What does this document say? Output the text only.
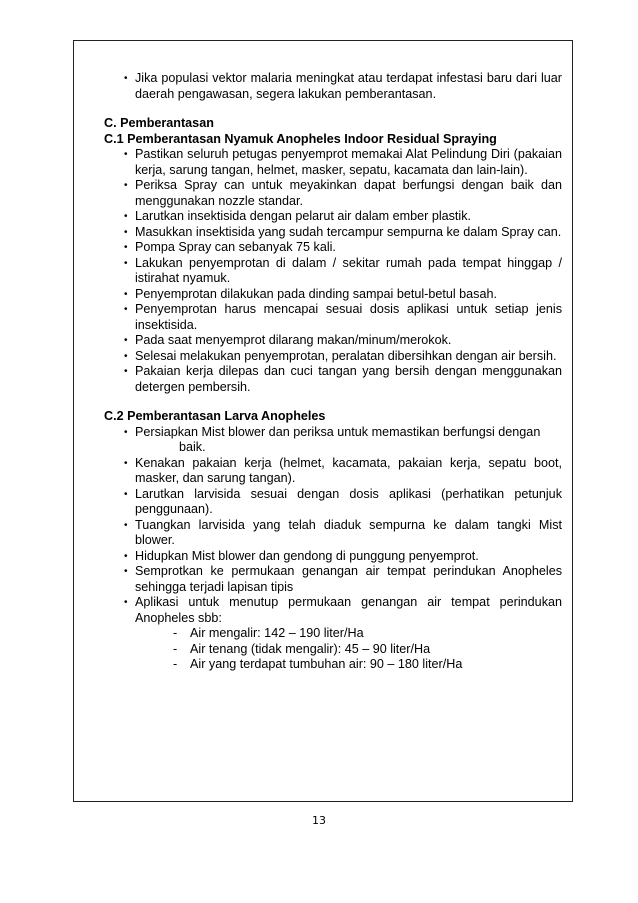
• Jika populasi vektor malaria meningkat atau terdapat infestasi baru dari luar daerah pengawasan, segera lakukan pemberantasan.
C. Pemberantasan
C.1 Pemberantasan Nyamuk Anopheles Indoor Residual Spraying
• Pastikan seluruh petugas penyemprot memakai Alat Pelindung Diri (pakaian kerja, sarung tangan, helmet, masker, sepatu, kacamata dan lain-lain).
• Periksa Spray can untuk meyakinkan dapat berfungsi dengan baik dan menggunakan nozzle standar.
• Larutkan insektisida dengan pelarut air dalam ember plastik.
• Masukkan insektisida yang sudah tercampur sempurna ke dalam Spray can.
• Pompa Spray can sebanyak 75 kali.
• Lakukan penyemprotan di dalam / sekitar rumah pada tempat hinggap / istirahat nyamuk.
• Penyemprotan dilakukan pada dinding sampai betul-betul basah.
• Penyemprotan harus mencapai sesuai dosis aplikasi untuk setiap jenis insektisida.
• Pada saat menyemprot dilarang makan/minum/merokok.
• Selesai melakukan penyemprotan, peralatan dibersihkan dengan air bersih.
• Pakaian kerja dilepas dan cuci tangan yang bersih dengan menggunakan detergen pembersih.
C.2 Pemberantasan Larva Anopheles
• Persiapkan Mist blower dan periksa untuk memastikan berfungsi dengan
baik.
• Kenakan pakaian kerja (helmet, kacamata, pakaian kerja, sepatu boot, masker, dan sarung tangan).
• Larutkan larvisida sesuai dengan dosis aplikasi (perhatikan petunjuk penggunaan).
• Tuangkan larvisida yang telah diaduk sempurna ke dalam tangki Mist blower.
• Hidupkan Mist blower dan gendong di punggung penyemprot.
• Semprotkan ke permukaan genangan air tempat perindukan Anopheles sehingga terjadi lapisan tipis
• Aplikasi untuk menutup permukaan genangan air tempat perindukan Anopheles sbb:
- Air mengalir: 142 – 190 liter/Ha
- Air tenang (tidak mengalir): 45 – 90 liter/Ha
- Air yang terdapat tumbuhan air: 90 – 180 liter/Ha
13
